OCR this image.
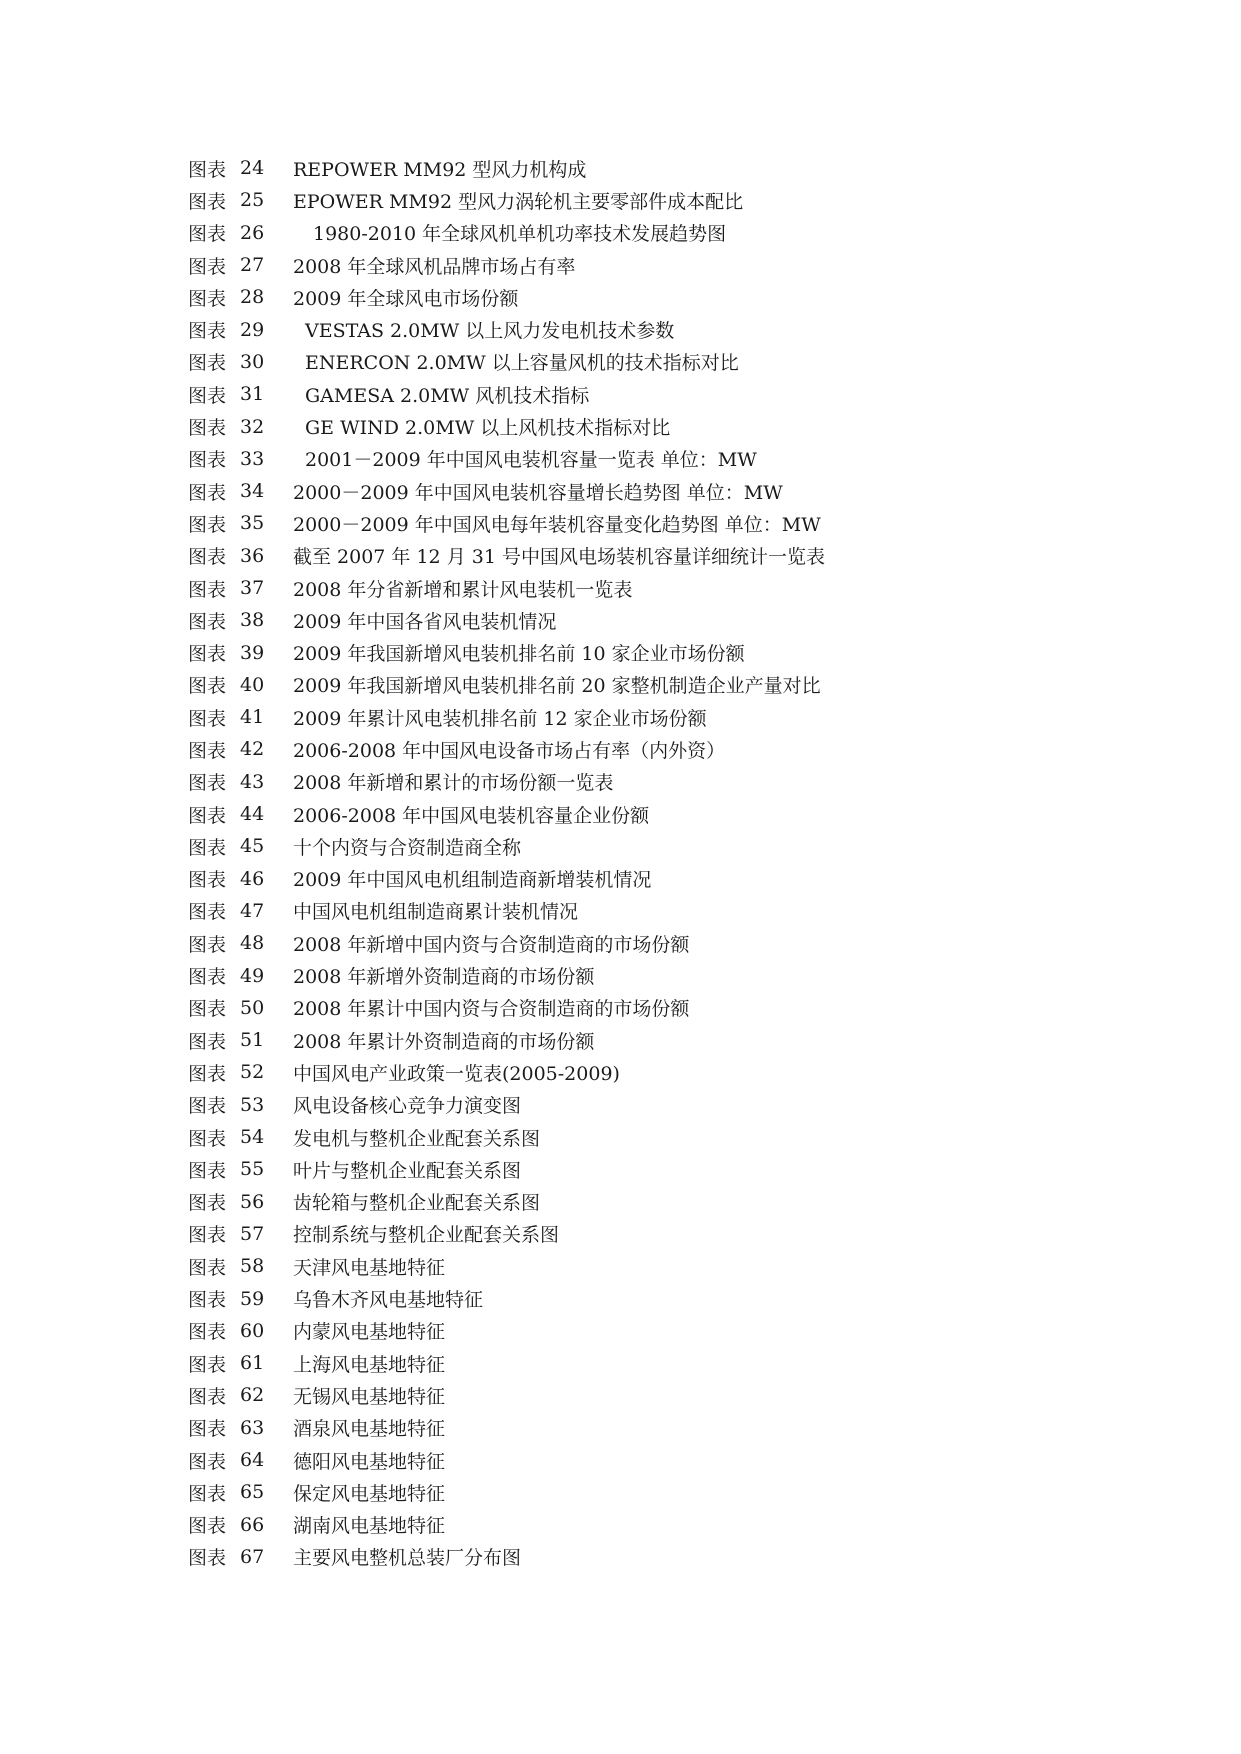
图表 24	REPOWER MM92 型风力机构成
图表 25	EPOWER MM92 型风力涡轮机主要零部件成本配比
图表 26	1980-2010 年全球风机单机功率技术发展趋势图
图表 27	2008 年全球风机品牌市场占有率
图表 28	2009 年全球风电市场份额
图表 29	VESTAS 2.0MW 以上风力发电机技术参数
图表 30	ENERCON 2.0MW 以上容量风机的技术指标对比
图表 31	GAMESA 2.0MW 风机技术指标
图表 32	GE WIND 2.0MW 以上风机技术指标对比
图表 33	2001－2009 年中国风电装机容量一览表 单位：MW
图表 34	2000－2009 年中国风电装机容量增长趋势图 单位：MW
图表 35	2000－2009 年中国风电每年装机容量变化趋势图 单位：MW
图表 36	截至 2007 年 12 月 31 号中国风电场装机容量详细统计一览表
图表 37	2008 年分省新增和累计风电装机一览表
图表 38	2009 年中国各省风电装机情况
图表 39	2009 年我国新增风电装机排名前 10 家企业市场份额
图表 40	2009 年我国新增风电装机排名前 20 家整机制造企业产量对比
图表 41	2009 年累计风电装机排名前 12 家企业市场份额
图表 42	2006-2008 年中国风电设备市场占有率（内外资）
图表 43	2008 年新增和累计的市场份额一览表
图表 44	2006-2008 年中国风电装机容量企业份额
图表 45	十个内资与合资制造商全称
图表 46	2009 年中国风电机组制造商新增装机情况
图表 47	中国风电机组制造商累计装机情况
图表 48	2008 年新增中国内资与合资制造商的市场份额
图表 49	2008 年新增外资制造商的市场份额
图表 50	2008 年累计中国内资与合资制造商的市场份额
图表 51	2008 年累计外资制造商的市场份额
图表 52	中国风电产业政策一览表(2005-2009)
图表 53	风电设备核心竞争力演变图
图表 54	发电机与整机企业配套关系图
图表 55	叶片与整机企业配套关系图
图表 56	齿轮箱与整机企业配套关系图
图表 57	控制系统与整机企业配套关系图
图表 58	天津风电基地特征
图表 59	乌鲁木齐风电基地特征
图表 60	内蒙风电基地特征
图表 61	上海风电基地特征
图表 62	无锡风电基地特征
图表 63	酒泉风电基地特征
图表 64	德阳风电基地特征
图表 65	保定风电基地特征
图表 66	湖南风电基地特征
图表 67	主要风电整机总装厂分布图
